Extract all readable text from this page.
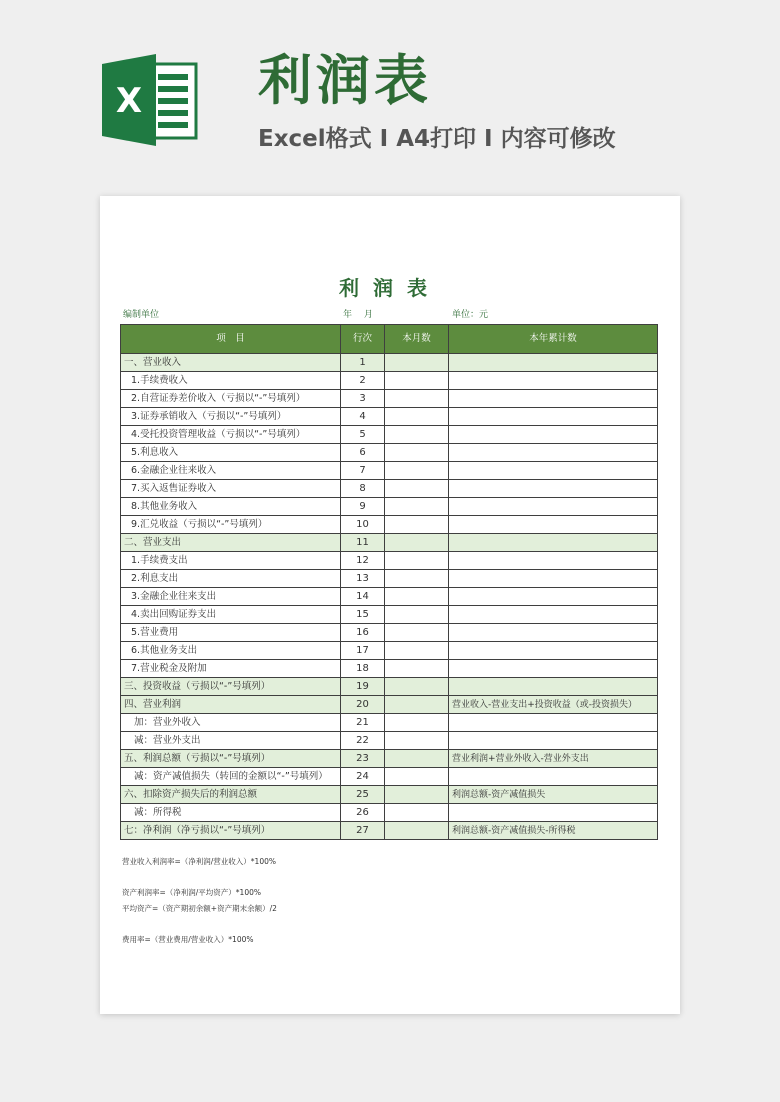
X 利润表
Excel格式 I A4打印 I 内容可修改
利润表
编制单位	年　 月	单位：元
项　目	行次	本月数	本年累计数
一、营业收入	1		
1.手续费收入	2		
2.自营证券差价收入（亏损以“-”号填列）	3		
3.证券承销收入（亏损以“-”号填列）	4		
4.受托投资管理收益（亏损以“-”号填列）	5		
5.利息收入	6		
6.金融企业往来收入	7		
7.买入返售证券收入	8		
8.其他业务收入	9		
9.汇兑收益（亏损以“-”号填列）	10		
二、营业支出	11		
1.手续费支出	12		
2.利息支出	13		
3.金融企业往来支出	14		
4.卖出回购证券支出	15		
5.营业费用	16		
6.其他业务支出	17		
7.营业税金及附加	18		
三、投资收益（亏损以“-”号填列）	19		
四、营业利润	20		营业收入-营业支出+投资收益（或-投资损失）
加：营业外收入	21		
减：营业外支出	22		
五、利润总额（亏损以“-”号填列）	23		营业利润+营业外收入-营业外支出
减：资产减值损失（转回的金额以“-”号填列）	24		
六、扣除资产损失后的利润总额	25		利润总额-资产减值损失
减：所得税	26		
七：净利润（净亏损以“-”号填列）	27		利润总额-资产减值损失-所得税
营业收入利润率=（净利润/营业收入）*100%
资产利润率=（净利润/平均资产）*100%
平均资产=（资产期初余额+资产期末余额）/2
费用率=（营业费用/营业收入）*100%
